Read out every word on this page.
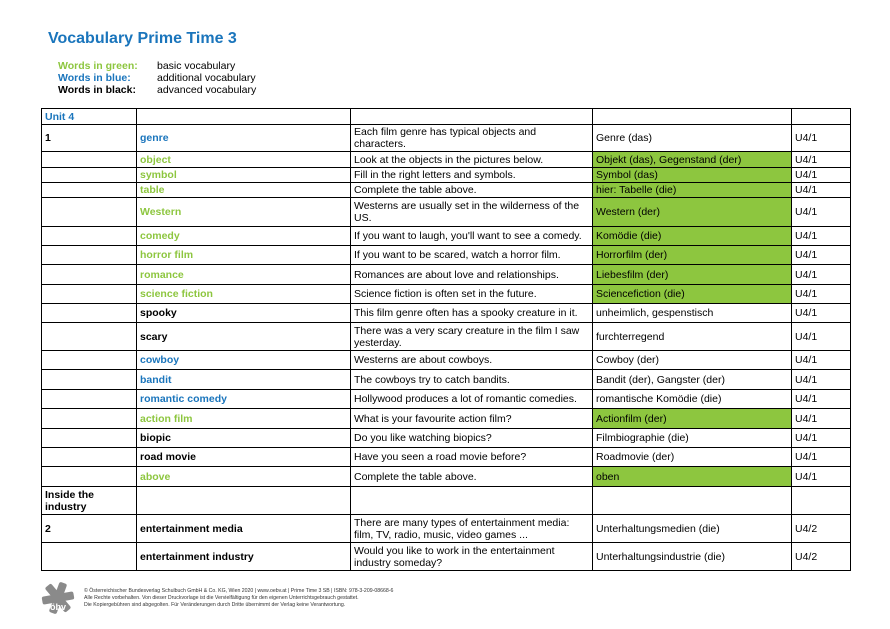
Vocabulary Prime Time 3
Words in green:	basic vocabulary
Words in blue:	additional vocabulary
Words in black:	advanced vocabulary
Unit 4				
1	genre	Each film genre has typical objects and characters.	Genre (das)	U4/1
	object	Look at the objects in the pictures below.	Objekt (das), Gegenstand (der)	U4/1
	symbol	Fill in the right letters and symbols.	Symbol (das)	U4/1
	table	Complete the table above.	hier: Tabelle (die)	U4/1
	Western	Westerns are usually set in the wilderness of the US.	Western (der)	U4/1
	comedy	If you want to laugh, you'll want to see a comedy.	Komödie (die)	U4/1
	horror film	If you want to be scared, watch a horror film.	Horrorfilm (der)	U4/1
	romance	Romances are about love and relationships.	Liebesfilm (der)	U4/1
	science fiction	Science fiction is often set in the future.	Sciencefiction (die)	U4/1
	spooky	This film genre often has a spooky creature in it.	unheimlich, gespenstisch	U4/1
	scary	There was a very scary creature in the film I saw yesterday.	furchterregend	U4/1
	cowboy	Westerns are about cowboys.	Cowboy (der)	U4/1
	bandit	The cowboys try to catch bandits.	Bandit (der), Gangster (der)	U4/1
	romantic comedy	Hollywood produces a lot of romantic comedies.	romantische Komödie (die)	U4/1
	action film	What is your favourite action film?	Actionfilm (der)	U4/1
	biopic	Do you like watching biopics?	Filmbiographie (die)	U4/1
	road movie	Have you seen a road movie before?	Roadmovie (der)	U4/1
	above	Complete the table above.	oben	U4/1
Inside the industry				
2	entertainment media	There are many types of entertainment media: film, TV, radio, music, video games ...	Unterhaltungsmedien (die)	U4/2
	entertainment industry	Would you like to work in the entertainment industry someday?	Unterhaltungsindustrie (die)	U4/2
öbv
© Österreichischer Bundesverlag Schulbuch GmbH & Co. KG, Wien 2020 | www.oebv.at | Prime Time 3 SB | ISBN: 978-3-209-08668-6
Alle Rechte vorbehalten. Von dieser Druckvorlage ist die Vervielfältigung für den eigenen Unterrichtsgebrauch gestattet.
Die Kopiergebühren sind abgegolten. Für Veränderungen durch Dritte übernimmt der Verlag keine Verantwortung.
